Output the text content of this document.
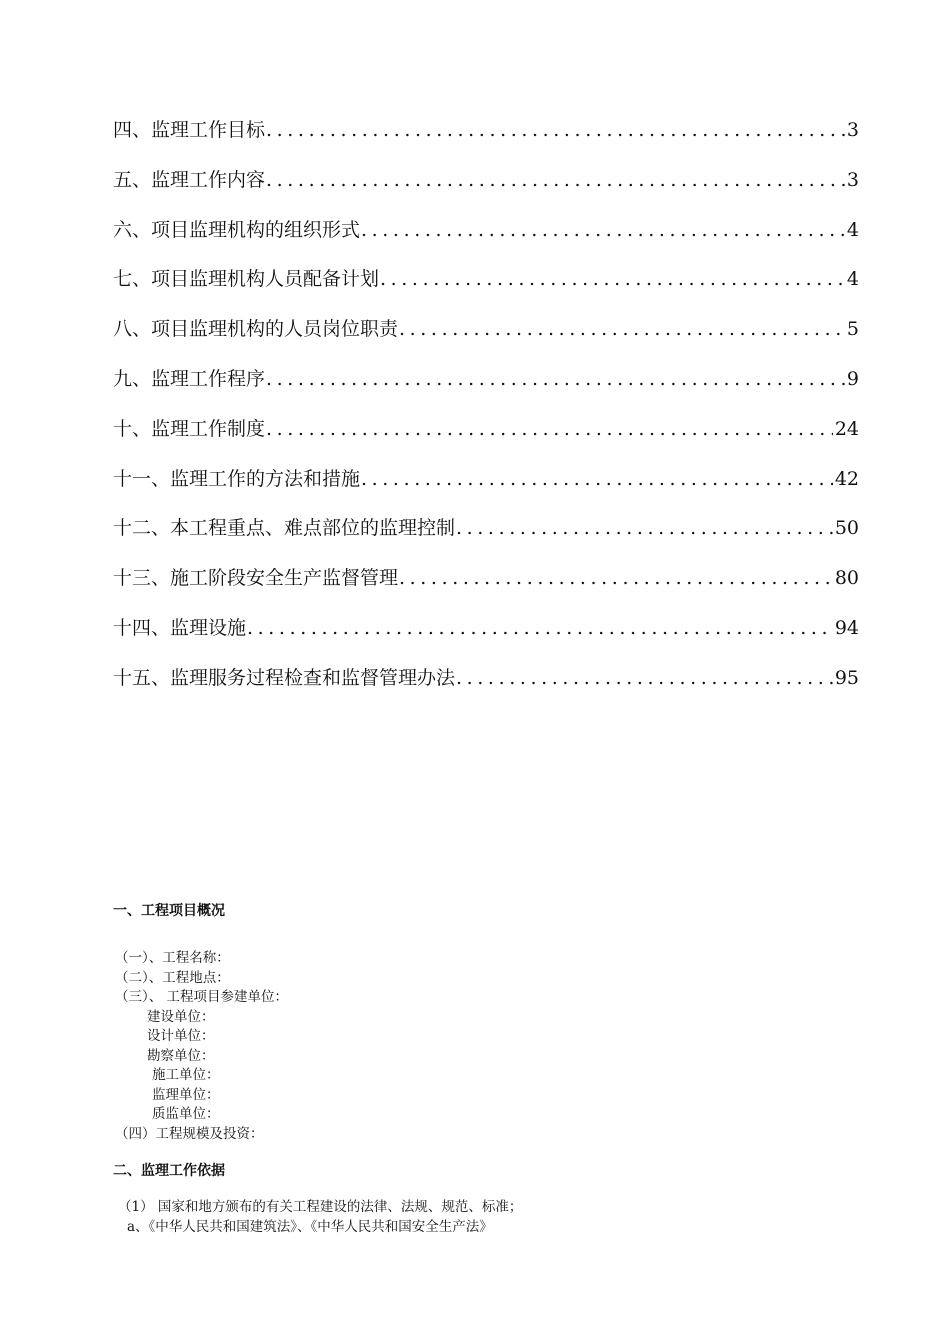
四、监理工作目标 .....	3
五、监理工作内容 .....	3
六、项目监理机构的组织形式 .....	4
七、项目监理机构人员配备计划 .....	4
八、项目监理机构的人员岗位职责 .....	5
九、监理工作程序 .....	9
十、监理工作制度 .....	24
十一、监理工作的方法和措施 .....	42
十二、本工程重点、难点部位的监理控制 .....	50
十三、施工阶段安全生产监督管理 .....	80
十四、监理设施 .....	94
十五、监理服务过程检查和监督管理办法 .....	95
一、工程项目概况
（一）、工程名称：
（二）、工程地点：
（三）、 工程项目参建单位：
建设单位：
设计单位：
勘察单位：
施工单位：
监理单位：
质监单位：
（四）工程规模及投资：
二、监理工作依据
（1） 国家和地方颁布的有关工程建设的法律、法规、规范、标准；
a、《中华人民共和国建筑法》、《中华人民共和国安全生产法》
